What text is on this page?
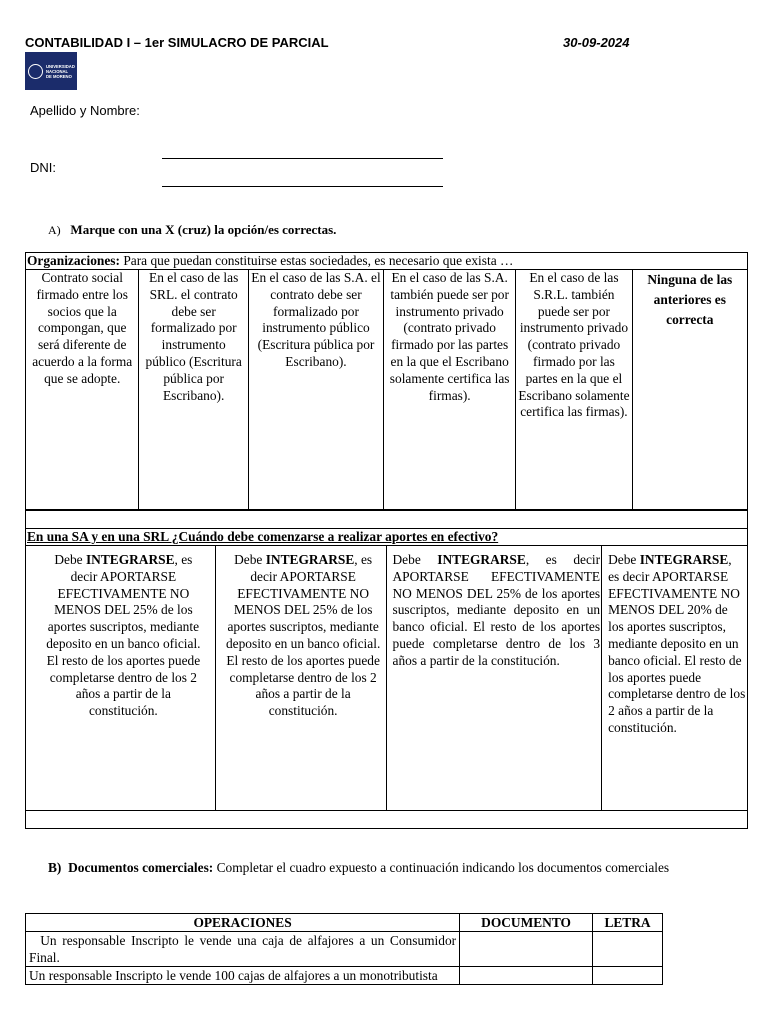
CONTABILIDAD I – 1er SIMULACRO DE PARCIAL	30-09-2024
UNIVERSIDAD
NACIONAL
DE MORENO
Apellido y Nombre:
DNI:
A) Marque con una X (cruz) la opción/es correctas.
Organizaciones: Para que puedan constituirse estas sociedades, es necesario que exista …
Contrato social firmado entre los socios que la compongan, que será diferente de acuerdo a la forma que se adopte.	En el caso de las SRL. el contrato debe ser formalizado por instrumento público (Escritura pública por Escribano).	En el caso de las S.A. el contrato debe ser formalizado por instrumento público (Escritura pública por Escribano).	En el caso de las S.A. también puede ser por instrumento privado (contrato privado firmado por las partes en la que el Escribano solamente certifica las firmas).	En el caso de las S.R.L. también puede ser por instrumento privado (contrato privado firmado por las partes en la que el Escribano solamente certifica las firmas).	Ninguna de las anteriores es correcta

En una SA y en una SRL ¿Cuándo debe comenzarse a realizar aportes en efectivo?
Debe INTEGRARSE, es decir APORTARSE EFECTIVAMENTE NO MENOS DEL 25% de los aportes suscriptos, mediante deposito en un banco oficial. El resto de los aportes puede completarse dentro de los 2 años a partir de la constitución.	Debe INTEGRARSE, es decir APORTARSE EFECTIVAMENTE NO MENOS DEL 25% de los aportes suscriptos, mediante deposito en un banco oficial. El resto de los aportes puede completarse dentro de los 2 años a partir de la constitución.	Debe INTEGRARSE, es decir APORTARSE EFECTIVAMENTE NO MENOS DEL 25% de los aportes suscriptos, mediante deposito en un banco oficial. El resto de los aportes puede completarse dentro de los 3 años a partir de la constitución.	Debe INTEGRARSE, es decir APORTARSE EFECTIVAMENTE NO MENOS DEL 20% de los aportes suscriptos, mediante deposito en un banco oficial. El resto de los aportes puede completarse dentro de los 2 años a partir de la constitución.

B) Documentos comerciales: Completar el cuadro expuesto a continuación indicando los documentos comerciales
OPERACIONES	DOCUMENTO	LETRA
Un responsable Inscripto le vende una caja de alfajores a un Consumidor Final.		
Un responsable Inscripto le vende 100 cajas de alfajores a un monotributista		
